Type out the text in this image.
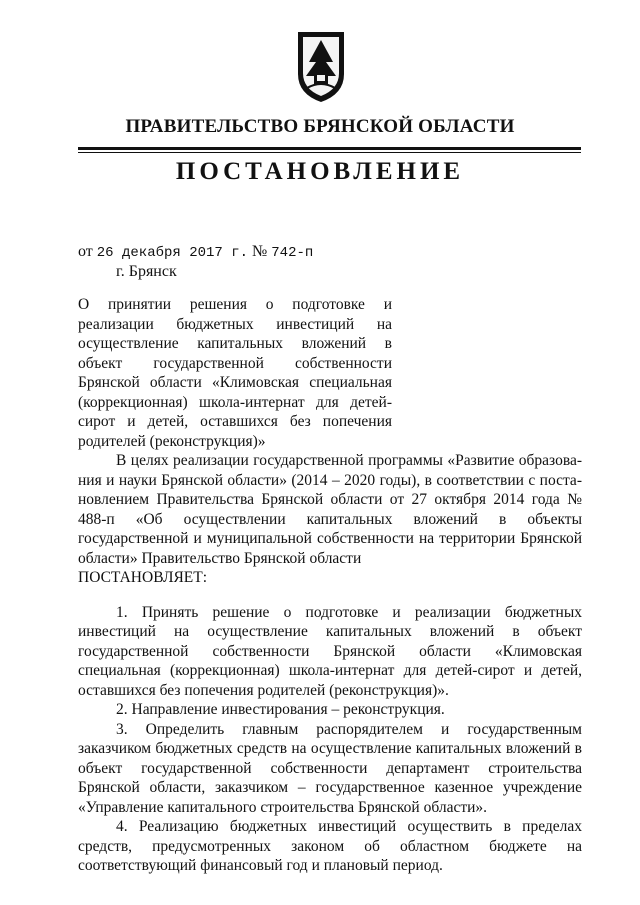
ПРАВИТЕЛЬСТВО БРЯНСКОЙ ОБЛАСТИ
ПОСТАНОВЛЕНИЕ
от 26 декабря 2017 г. № 742-п
г. Брянск
О принятии решения о подготовке и реализации бюджетных инвестиций на осуществление капитальных вложений в объект государственной собственности Брянской области «Климовская специальная (коррекционная) школа-интернат для детей-сирот и детей, оставшихся без попечения родителей (реконструкция)»

В целях реализации государственной программы «Развитие образования и науки Брянской области» (2014 – 2020 годы), в соответствии с постановлением Правительства Брянской области от 27 октября 2014 года № 488-п «Об осуществлении капитальных вложений в объекты государственной и муниципальной собственности на территории Брянской области» Правительство Брянской области

ПОСТАНОВЛЯЕТ:

1. Принять решение о подготовке и реализации бюджетных инвестиций на осуществление капитальных вложений в объект государственной собственности Брянской области «Климовская специальная (коррекционная) школа-интернат для детей-сирот и детей, оставшихся без попечения родителей (реконструкция)».

2. Направление инвестирования – реконструкция.

3. Определить главным распорядителем и государственным заказчиком бюджетных средств на осуществление капитальных вложений в объект государственной собственности департамент строительства Брянской области, заказчиком – государственное казенное учреждение «Управление капитального строительства Брянской области».

4. Реализацию бюджетных инвестиций осуществить в пределах средств, предусмотренных законом об областном бюджете на соответствующий финансовый год и плановый период.
